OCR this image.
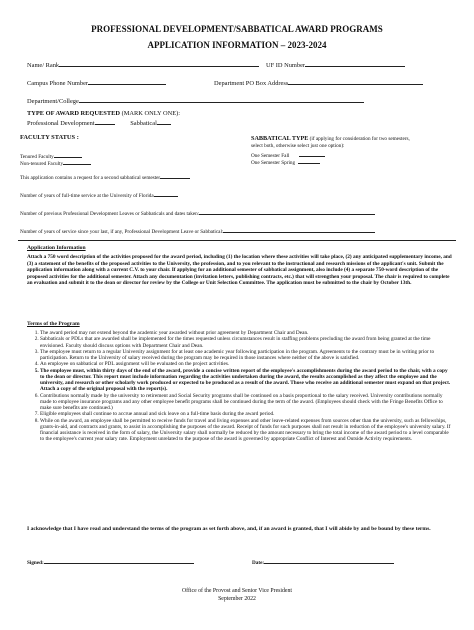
PROFESSIONAL DEVELOPMENT/SABBATICAL AWARD PROGRAMS
APPLICATION INFORMATION – 2023-2024
Name/ Rank	UF ID Number
Campus Phone Number	Department PO Box Address
Department/College
TYPE OF AWARD REQUESTED (MARK ONLY ONE):
Professional Development	Sabbatical
FACULTY STATUS :
Tenured Faculty
Non-tenured Faculty
SABBATICAL TYPE (if applying for consideration for two semesters,
select both, otherwise select just one option):
One Semester Fall
One Semester Spring
This application contains a request for a second sabbatical semester
Number of years of full-time service at the University of Florida
Number of previous Professional Development Leaves or Sabbaticals and dates taken:
Number of years of service since your last, if any, Professional Development Leave or Sabbatical:
Application Information
Attach a 750 word description of the activities proposed for the award period, including (1) the location where these activities will take place, (2) any anticipated supplementary income, and (3) a statement of the benefits of the proposed activities to the University, the profession, and to you relevant to the instructional and research missions of the applicant's unit. Submit the application information along with a current C.V. to your chair. If applying for an additional semester of sabbatical assignment, also include (4) a separate 750-word description of the proposed activities for the additional semester. Attach any documentation (invitation letters, publishing contracts, etc.) that will strengthen your proposal. The chair is required to complete an evaluation and submit it to the dean or director for review by the College or Unit Selection Committee. The application must be submitted to the chair by October 13th.
Terms of the Program
1. The award period may not extend beyond the academic year awarded without prior agreement by Department Chair and Dean.
2. Sabbaticals or PDLs that are awarded shall be implemented for the times requested unless circumstances result in staffing problems precluding the award from being granted at the time envisioned. Faculty should discuss options with Department Chair and Dean.
3. The employee must return to a regular University assignment for at least one academic year following participation in the program. Agreements to the contrary must be in writing prior to participation. Return to the University of salary received during the program may be required in those instances where neither of the above is satisfied.
4. An employee on sabbatical or PDL assignment will be evaluated on the project activities.
5. The employee must, within thirty days of the end of the award, provide a concise written report of the employee's accomplishments during the award period to the chair, with a copy to the dean or director. This report must include information regarding the activities undertaken during the award, the results accomplished as they affect the employee and the university, and research or other scholarly work produced or expected to be produced as a result of the award. Those who receive an additional semester must expand on that project. Attach a copy of the original proposal with the report(s).
6. Contributions normally made by the university to retirement and Social Security programs shall be continued on a basis proportional to the salary received. University contributions normally made to employee insurance programs and any other employee benefit programs shall be continued during the term of the award. (Employees should check with the Fringe Benefits Office to make sure benefits are continued.)
7. Eligible employees shall continue to accrue annual and sick leave on a full-time basis during the award period.
8. While on the award, an employee shall be permitted to receive funds for travel and living expenses and other leave-related expenses from sources other than the university, such as fellowships, grants-in-aid, and contracts and grants, to assist in accomplishing the purposes of the award. Receipt of funds for such purposes shall not result in reduction of the employee's university salary. If financial assistance is received in the form of salary, the University salary shall normally be reduced by the amount necessary to bring the total income of the award period to a level comparable to the employee's current year salary rate. Employment unrelated to the purpose of the award is governed by appropriate Conflict of Interest and Outside Activity requirements.
I acknowledge that I have read and understand the terms of the program as set forth above, and, if an award is granted, that I will abide by and be bound by these terms.
Signed:	Date:
Office of the Provost and Senior Vice President
September 2022
